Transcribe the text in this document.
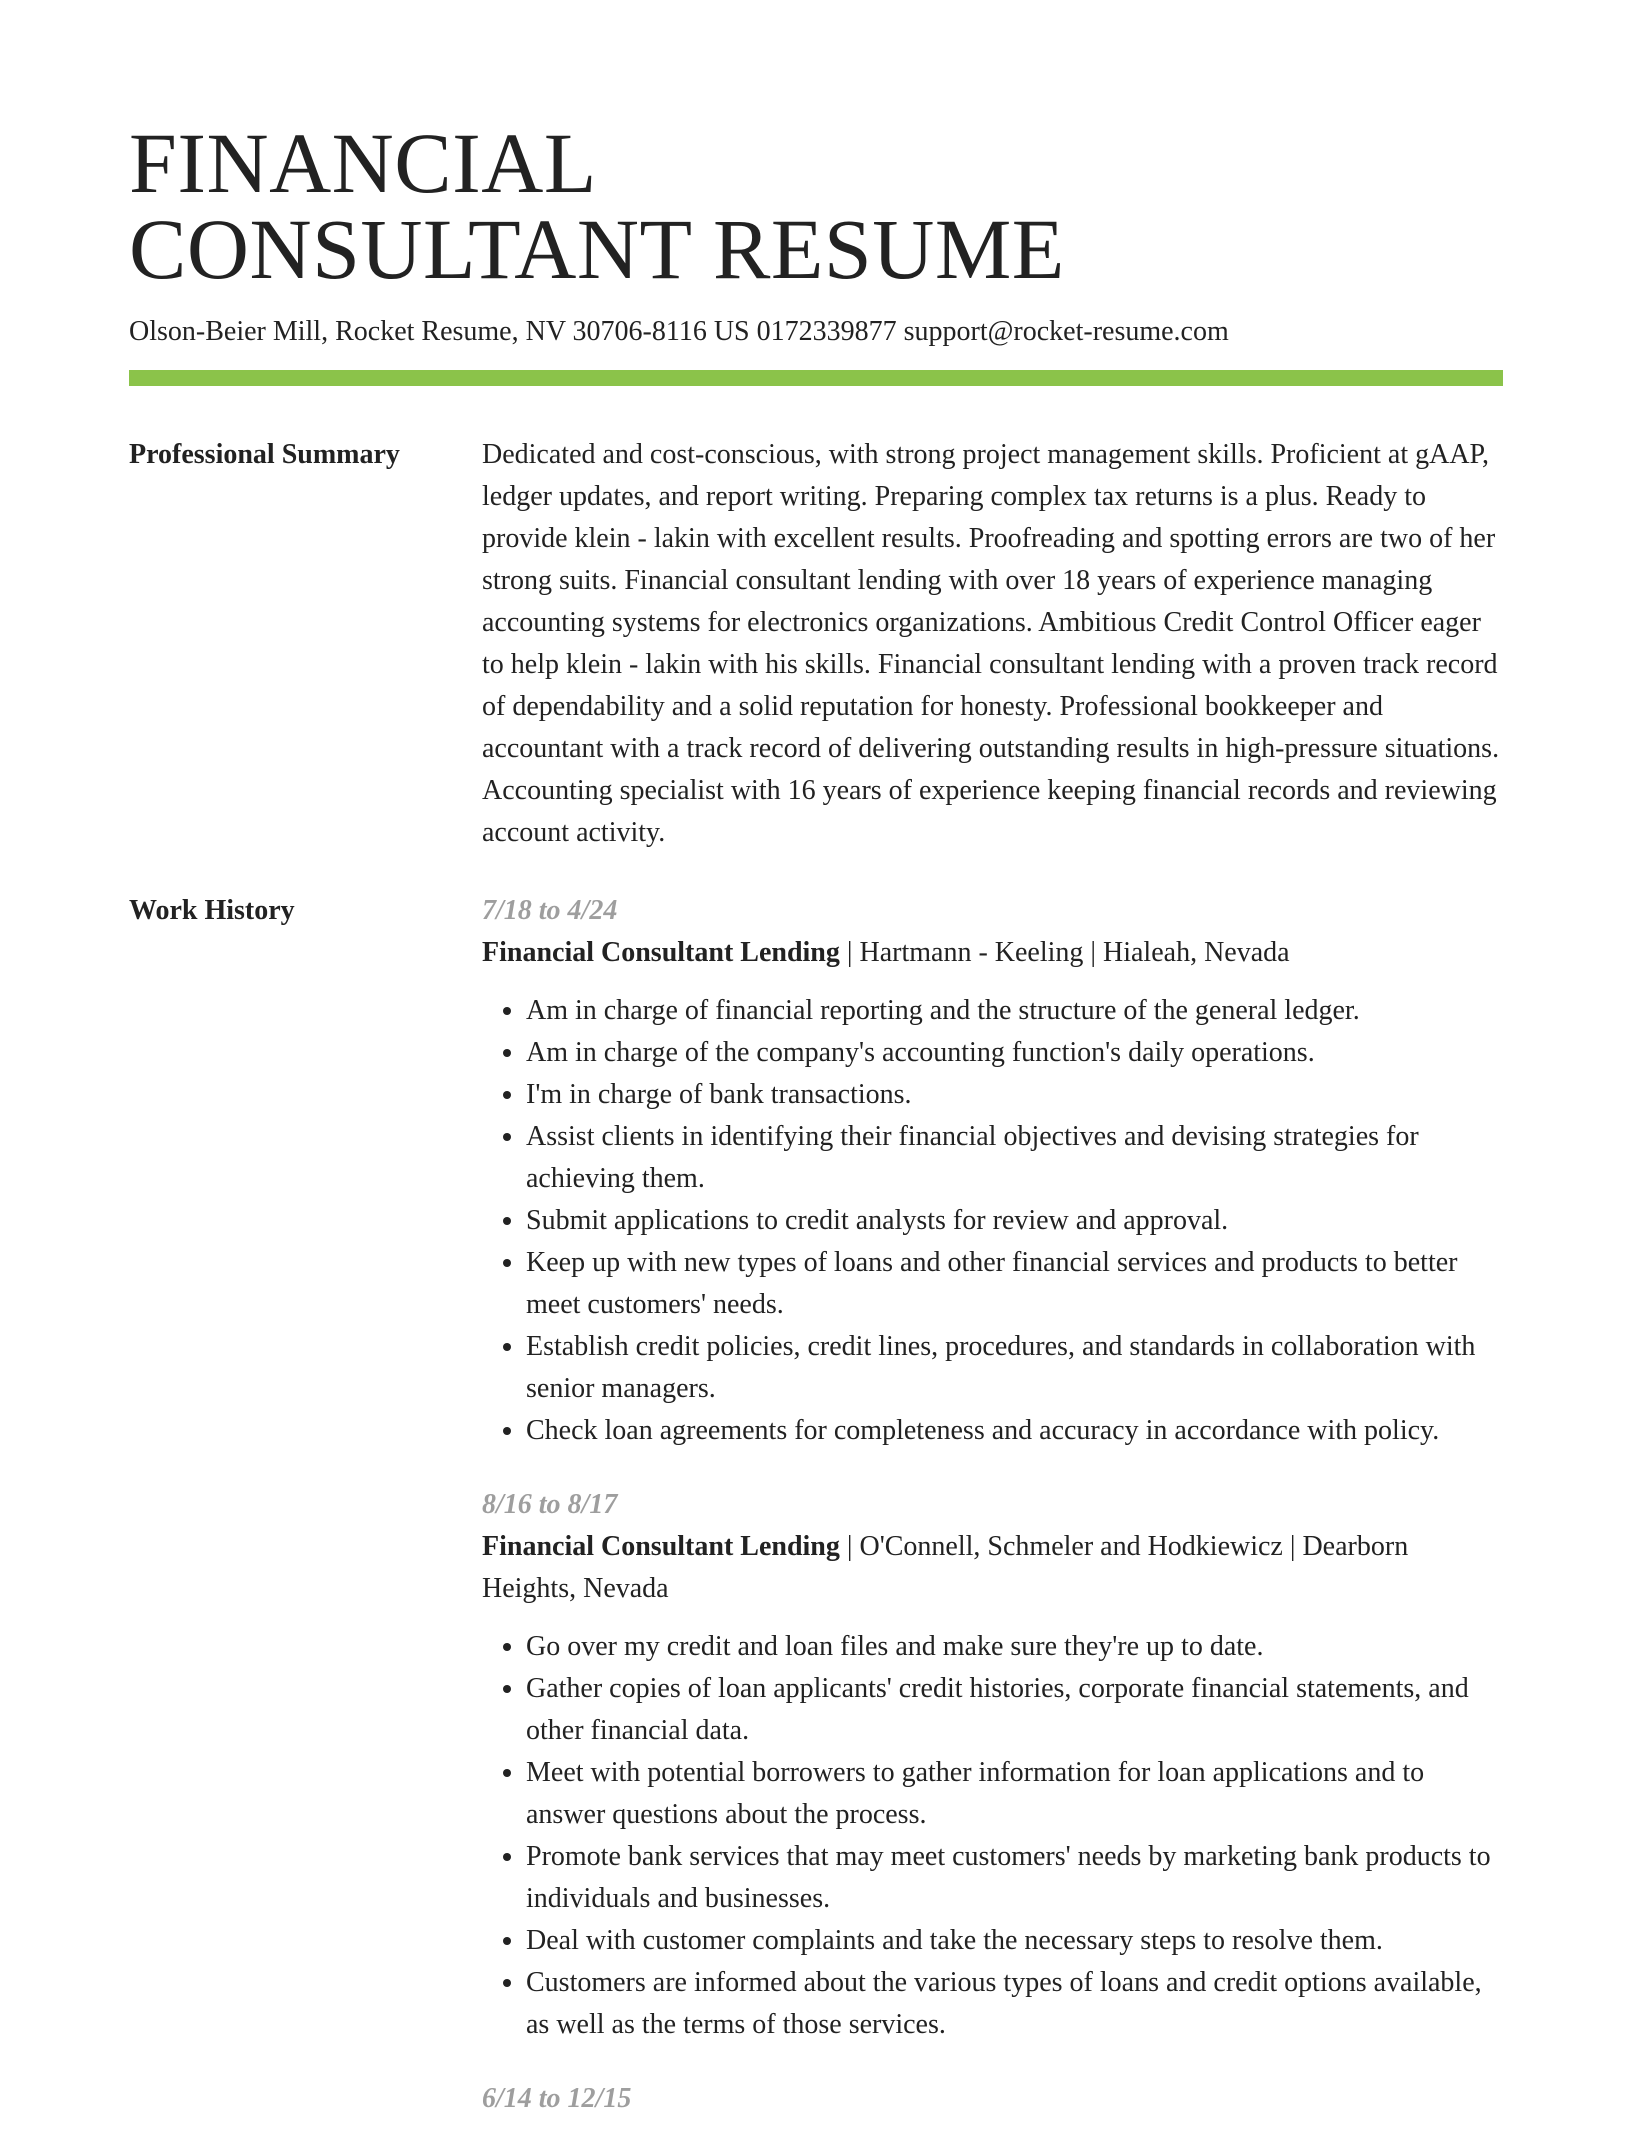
FINANCIAL
CONSULTANT RESUME
Olson-Beier Mill, Rocket Resume, NV 30706-8116 US 0172339877 support@rocket-resume.com
Professional Summary	Dedicated and cost-conscious, with strong project management skills. Proficient at gAAP, ledger updates, and report writing. Preparing complex tax returns is a plus. Ready to provide klein - lakin with excellent results. Proofreading and spotting errors are two of her strong suits. Financial consultant lending with over 18 years of experience managing accounting systems for electronics organizations. Ambitious Credit Control Officer eager to help klein - lakin with his skills. Financial consultant lending with a proven track record of dependability and a solid reputation for honesty. Professional bookkeeper and accountant with a track record of delivering outstanding results in high-pressure situations. Accounting specialist with 16 years of experience keeping financial records and reviewing account activity.

Work History	7/18 to 4/24
Financial Consultant Lending | Hartmann - Keeling | Hialeah, Nevada
• Am in charge of financial reporting and the structure of the general ledger.
• Am in charge of the company's accounting function's daily operations.
• I'm in charge of bank transactions.
• Assist clients in identifying their financial objectives and devising strategies for achieving them.
• Submit applications to credit analysts for review and approval.
• Keep up with new types of loans and other financial services and products to better meet customers' needs.
• Establish credit policies, credit lines, procedures, and standards in collaboration with senior managers.
• Check loan agreements for completeness and accuracy in accordance with policy.
8/16 to 8/17
Financial Consultant Lending | O'Connell, Schmeler and Hodkiewicz | Dearborn Heights, Nevada
• Go over my credit and loan files and make sure they're up to date.
• Gather copies of loan applicants' credit histories, corporate financial statements, and other financial data.
• Meet with potential borrowers to gather information for loan applications and to answer questions about the process.
• Promote bank services that may meet customers' needs by marketing bank products to individuals and businesses.
• Deal with customer complaints and take the necessary steps to resolve them.
• Customers are informed about the various types of loans and credit options available, as well as the terms of those services.
6/14 to 12/15
